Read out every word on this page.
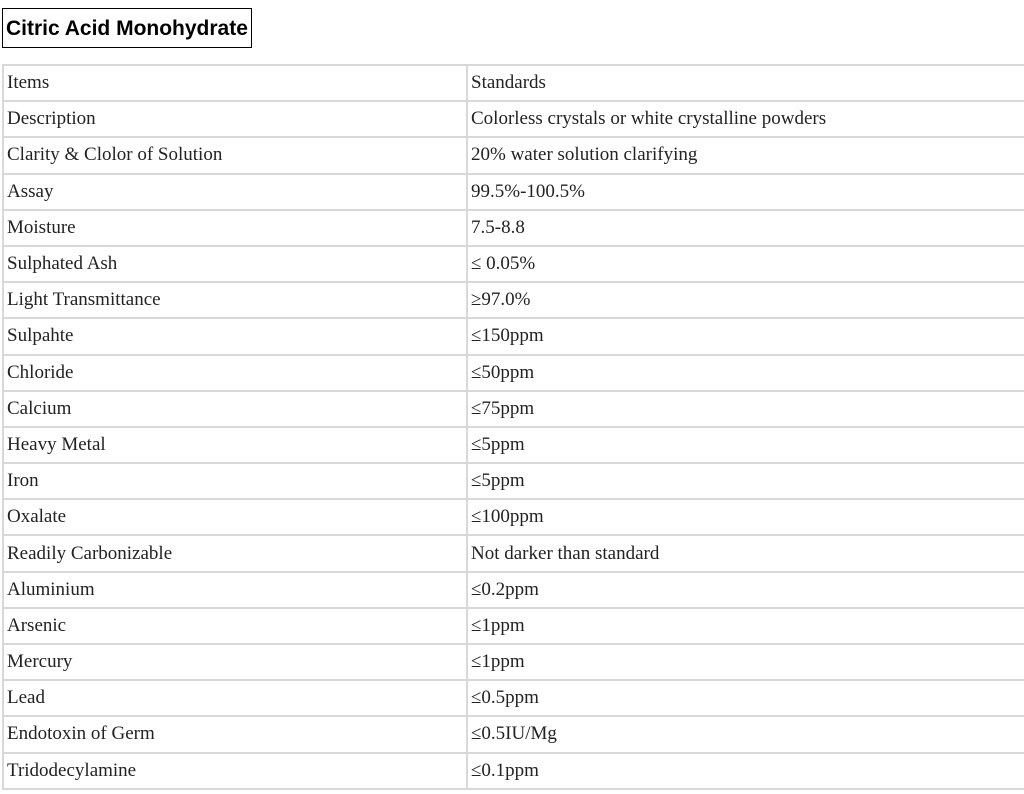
Citric Acid Monohydrate
Items	Standards
Description	Colorless crystals or white crystalline powders
Clarity & Clolor of Solution	20% water solution clarifying
Assay	99.5%-100.5%
Moisture	7.5-8.8
Sulphated Ash	≤ 0.05%
Light Transmittance	≥97.0%
Sulpahte	≤150ppm
Chloride	≤50ppm
Calcium	≤75ppm
Heavy Metal	≤5ppm
Iron	≤5ppm
Oxalate	≤100ppm
Readily Carbonizable	Not darker than standard
Aluminium	≤0.2ppm
Arsenic	≤1ppm
Mercury	≤1ppm
Lead	≤0.5ppm
Endotoxin of Germ	≤0.5IU/Mg
Tridodecylamine	≤0.1ppm
